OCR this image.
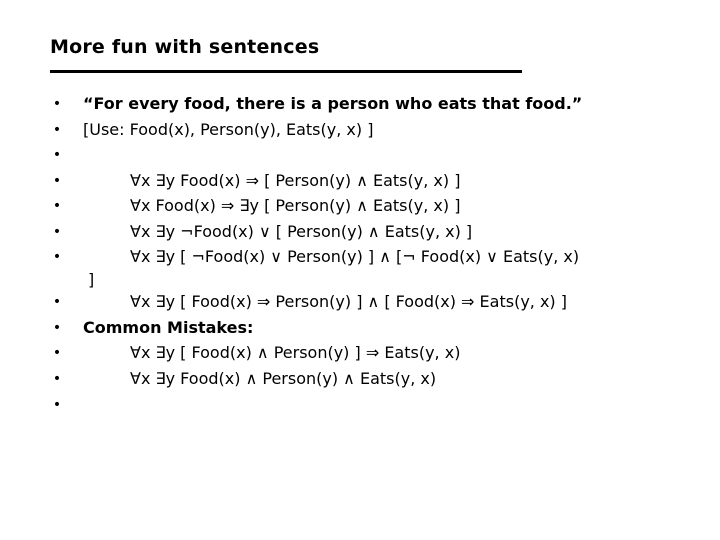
More fun with sentences
•
•
•
•
•
•
•
•
•
•
•
•
“For every food, there is a person who eats that food.”
[Use: Food(x), Person(y), Eats(y, x) ]
∀x ∃y Food(x) ⇒ [ Person(y) ∧ Eats(y, x) ]
∀x Food(x) ⇒ ∃y [ Person(y) ∧ Eats(y, x) ]
∀x ∃y ¬Food(x) ∨ [ Person(y) ∧ Eats(y, x) ]
∀x ∃y [ ¬Food(x) ∨ Person(y) ] ∧ [¬ Food(x) ∨ Eats(y, x)
]
∀x ∃y [ Food(x) ⇒ Person(y) ] ∧ [ Food(x) ⇒ Eats(y, x) ]
Common Mistakes:
∀x ∃y [ Food(x) ∧ Person(y) ] ⇒ Eats(y, x)
∀x ∃y Food(x) ∧ Person(y) ∧ Eats(y, x)
